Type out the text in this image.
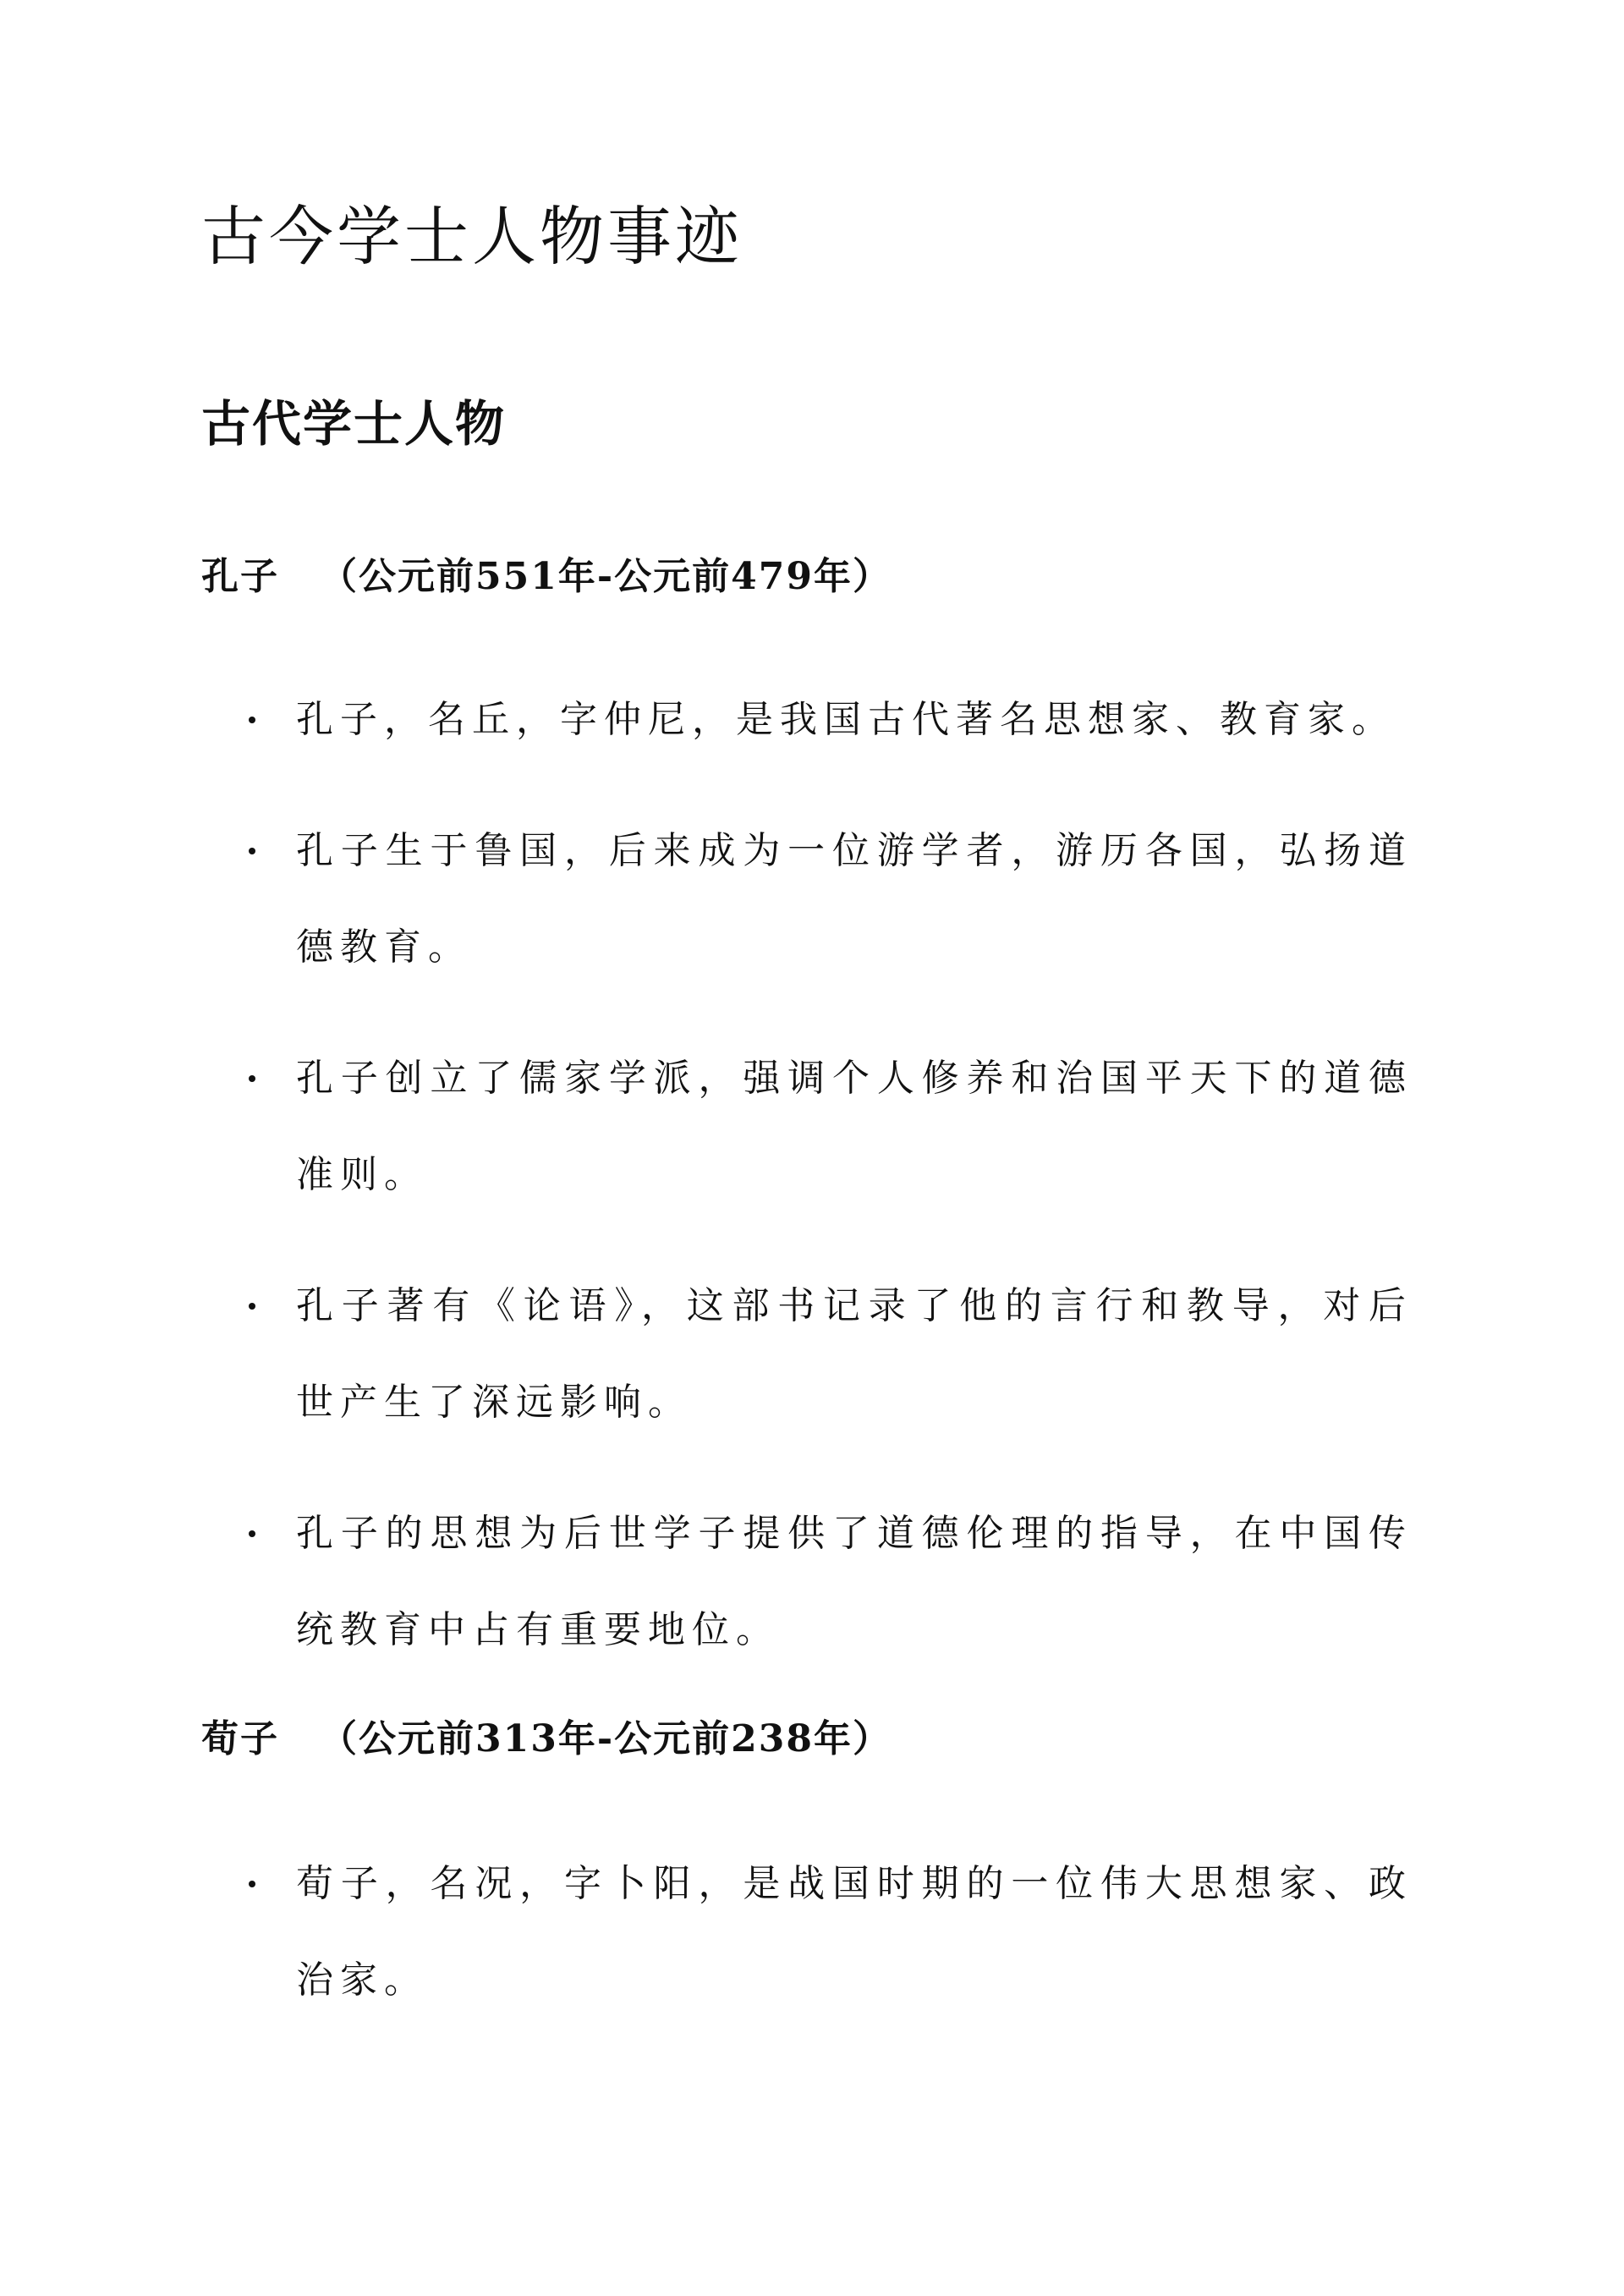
古今学士人物事迹
古代学士人物
孔子 （公元前551年-公元前479年）
孔子，名丘，字仲尼，是我国古代著名思想家、教育家。
孔子生于鲁国，后来成为一位游学者，游历各国，弘扬道德教育。
孔子创立了儒家学派，强调个人修养和治国平天下的道德准则。
孔子著有《论语》，这部书记录了他的言行和教导，对后世产生了深远影响。
孔子的思想为后世学子提供了道德伦理的指导，在中国传统教育中占有重要地位。
荀子 （公元前313年-公元前238年）
荀子，名况，字卜阳，是战国时期的一位伟大思想家、政治家。
